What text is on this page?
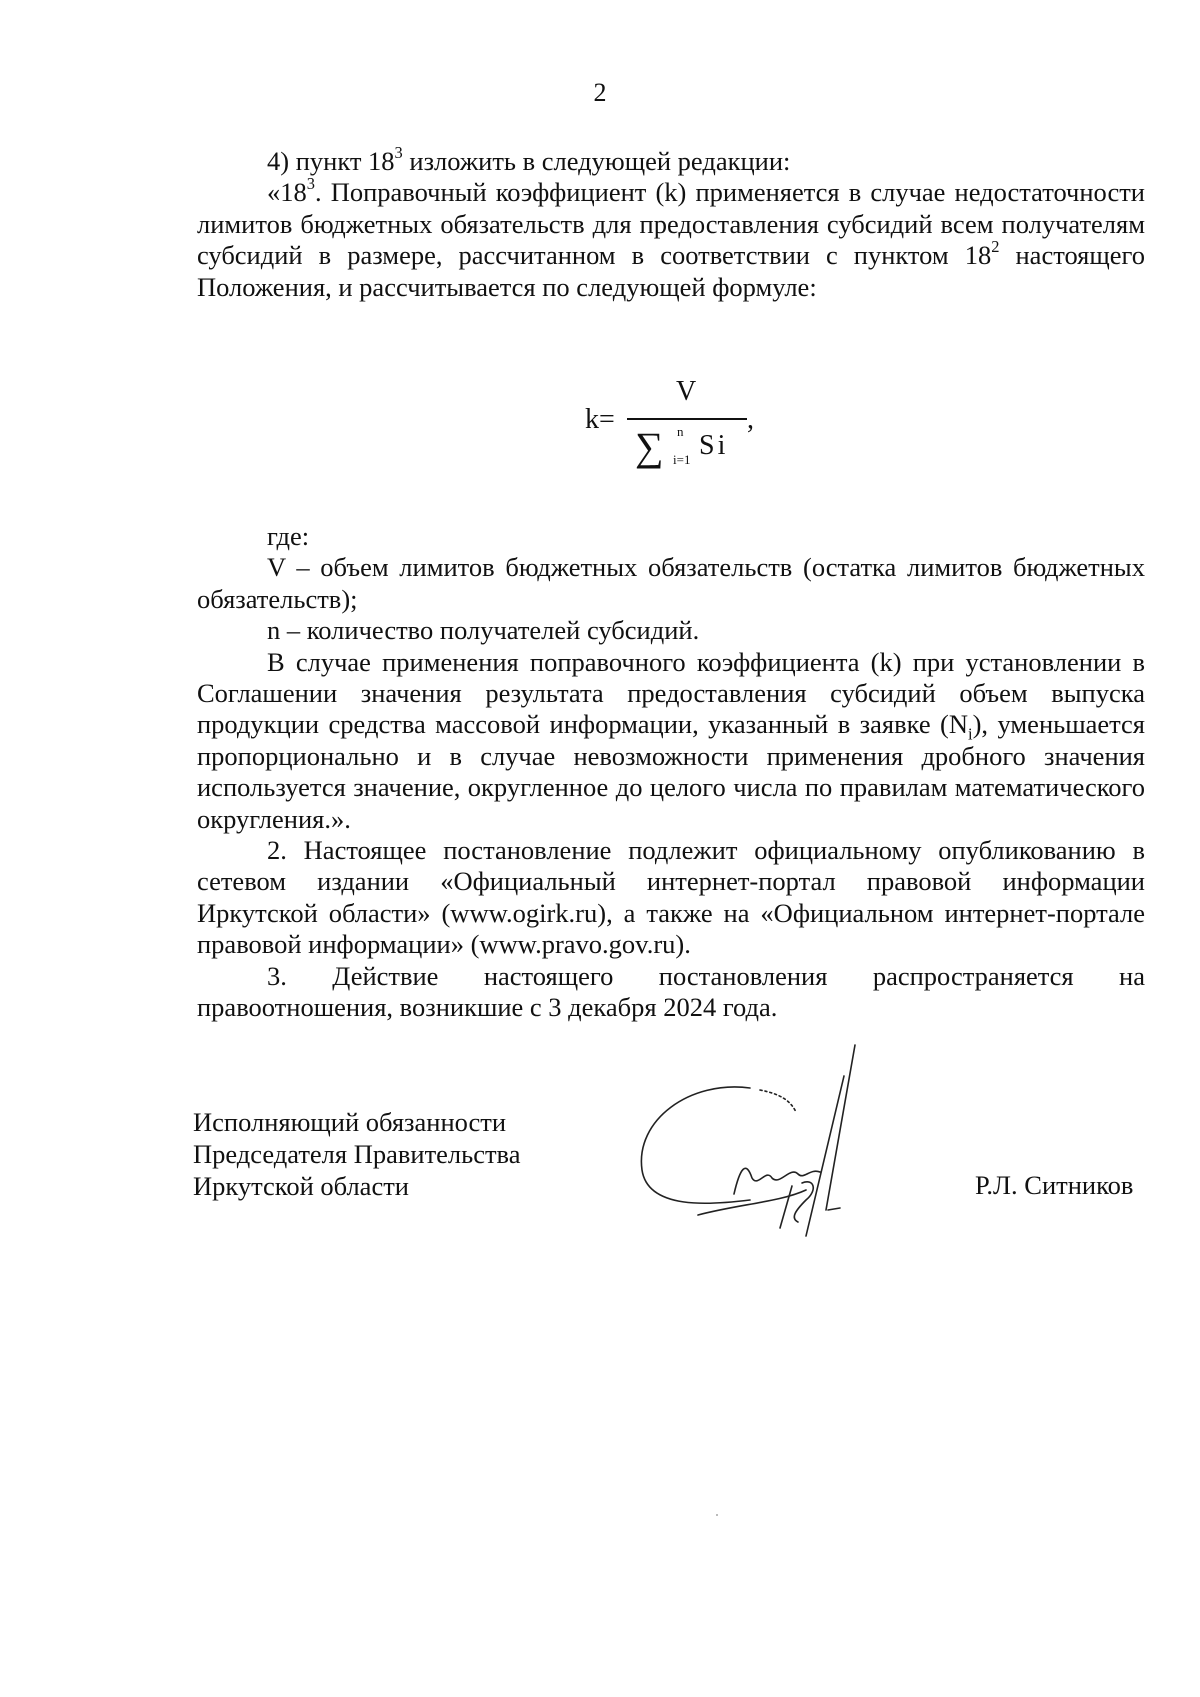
2

4) пункт $18^3$ изложить в следующей редакции:

«$18^3$. Поправочный коэффициент (k) применяется в случае недостаточности лимитов бюджетных обязательств для предоставления субсидий всем получателям субсидий в размере, рассчитанном в соответствии с пунктом $18^2$ настоящего Положения, и рассчитывается по следующей формуле:

k=
V
,
∑ n
i=1 Si

где:

V – объем лимитов бюджетных обязательств (остатка лимитов бюджетных обязательств);

n – количество получателей субсидий.

В случае применения поправочного коэффициента (k) при установлении в Соглашении значения результата предоставления субсидий объем выпуска продукции средства массовой информации, указанный в заявке $(N_i)$, уменьшается пропорционально и в случае невозможности применения дробного значения используется значение, округленное до целого числа по правилам математического округления.».

2. Настоящее постановление подлежит официальному опубликованию в сетевом издании «Официальный интернет-портал правовой информации Иркутской области» (www.ogirk.ru), а также на «Официальном интернет-портале правовой информации» (www.pravo.gov.ru).

3. Действие настоящего постановления распространяется на правоотношения, возникшие с 3 декабря 2024 года.

Исполняющий обязанности
Председателя Правительства
Иркутской области	Р.Л. Ситников
